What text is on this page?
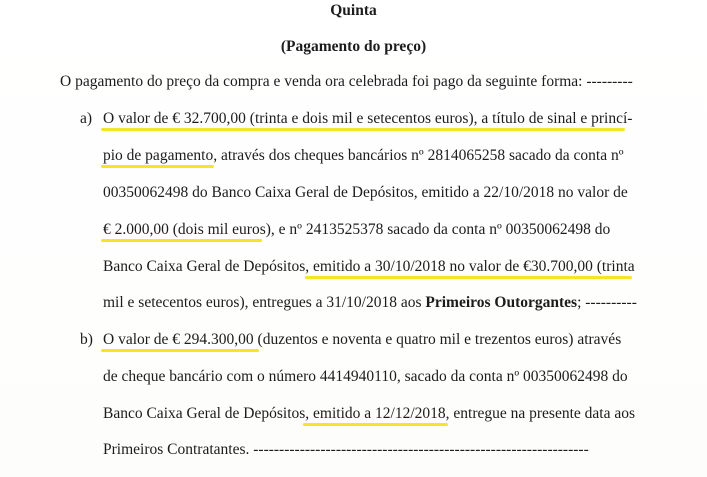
Quinta
(Pagamento do preço)
O pagamento do preço da compra e venda ora celebrada foi pago da seguinte forma: ---------
a) O valor de € 32.700,00 (trinta e dois mil e setecentos euros), a título de sinal e princí-
pio de pagamento, através dos cheques bancários nº 2814065258 sacado da conta nº
00350062498 do Banco Caixa Geral de Depósitos, emitido a 22/10/2018 no valor de
€ 2.000,00 (dois mil euros), e nº 2413525378 sacado da conta nº 00350062498 do
Banco Caixa Geral de Depósitos, emitido a 30/10/2018 no valor de €30.700,00 (trinta
mil e setecentos euros), entregues a 31/10/2018 aos Primeiros Outorgantes; ----------
b) O valor de € 294.300,00 (duzentos e noventa e quatro mil e trezentos euros) através
de cheque bancário com o número 4414940110, sacado da conta nº 00350062498 do
Banco Caixa Geral de Depósitos, emitido a 12/12/2018, entregue na presente data aos
Primeiros Contratantes. -----------------------------------------------------------------
